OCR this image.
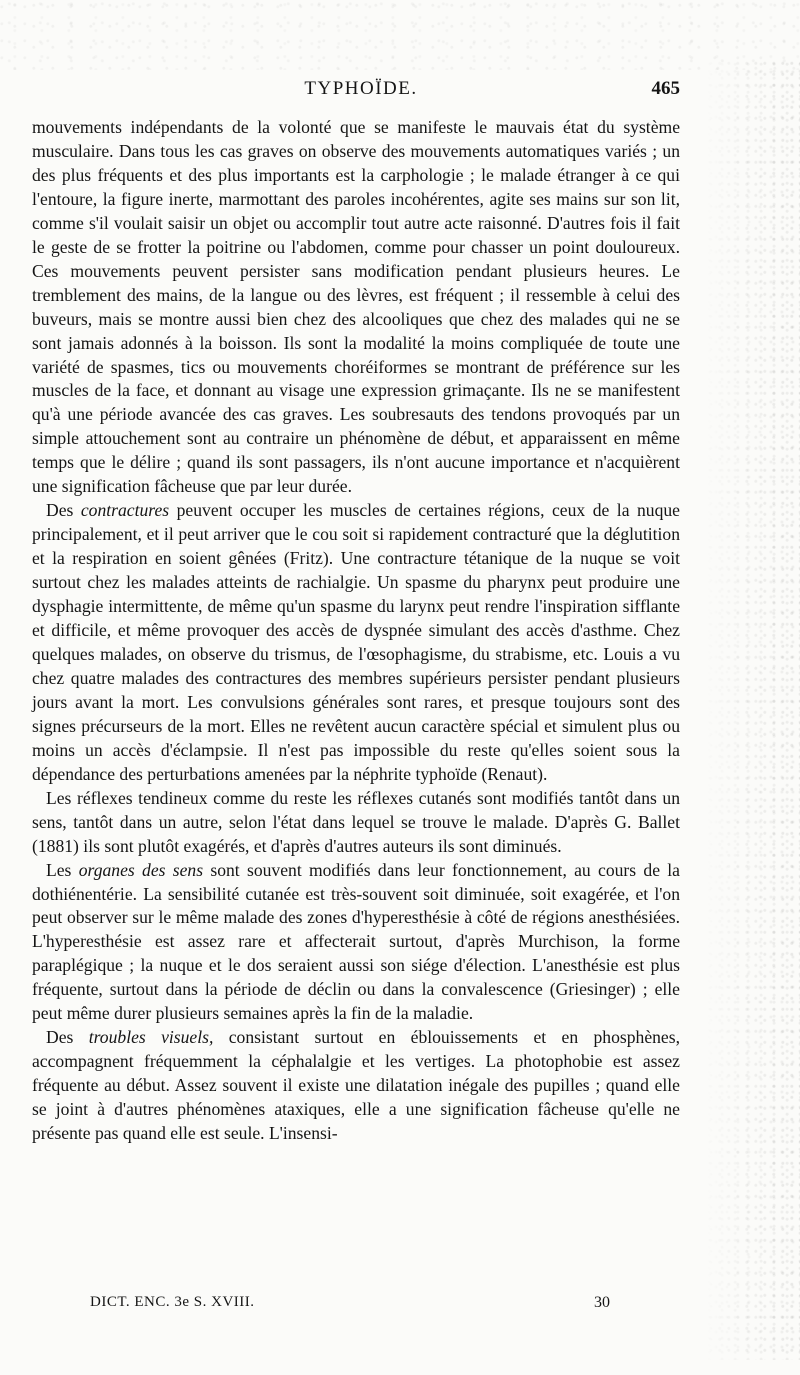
TYPHOÏDE.	465

mouvements indépendants de la volonté que se manifeste le mauvais état du système musculaire. Dans tous les cas graves on observe des mouvements automatiques variés ; un des plus fréquents et des plus importants est la carphologie ; le malade étranger à ce qui l'entoure, la figure inerte, marmottant des paroles incohérentes, agite ses mains sur son lit, comme s'il voulait saisir un objet ou accomplir tout autre acte raisonné. D'autres fois il fait le geste de se frotter la poitrine ou l'abdomen, comme pour chasser un point douloureux. Ces mouvements peuvent persister sans modification pendant plusieurs heures. Le tremblement des mains, de la langue ou des lèvres, est fréquent ; il ressemble à celui des buveurs, mais se montre aussi bien chez des alcooliques que chez des malades qui ne se sont jamais adonnés à la boisson. Ils sont la modalité la moins compliquée de toute une variété de spasmes, tics ou mouvements choréiformes se montrant de préférence sur les muscles de la face, et donnant au visage une expression grimaçante. Ils ne se manifestent qu'à une période avancée des cas graves. Les soubresauts des tendons provoqués par un simple attouchement sont au contraire un phénomène de début, et apparaissent en même temps que le délire ; quand ils sont passagers, ils n'ont aucune importance et n'acquièrent une signification fâcheuse que par leur durée.

Des contractures peuvent occuper les muscles de certaines régions, ceux de la nuque principalement, et il peut arriver que le cou soit si rapidement contracturé que la déglutition et la respiration en soient gênées (Fritz). Une contracture tétanique de la nuque se voit surtout chez les malades atteints de rachialgie. Un spasme du pharynx peut produire une dysphagie intermittente, de même qu'un spasme du larynx peut rendre l'inspiration sifflante et difficile, et même provoquer des accès de dyspnée simulant des accès d'asthme. Chez quelques malades, on observe du trismus, de l'œsophagisme, du strabisme, etc. Louis a vu chez quatre malades des contractures des membres supérieurs persister pendant plusieurs jours avant la mort. Les convulsions générales sont rares, et presque toujours sont des signes précurseurs de la mort. Elles ne revêtent aucun caractère spécial et simulent plus ou moins un accès d'éclampsie. Il n'est pas impossible du reste qu'elles soient sous la dépendance des perturbations amenées par la néphrite typhoïde (Renaut).

Les réflexes tendineux comme du reste les réflexes cutanés sont modifiés tantôt dans un sens, tantôt dans un autre, selon l'état dans lequel se trouve le malade. D'après G. Ballet (1881) ils sont plutôt exagérés, et d'après d'autres auteurs ils sont diminués.

Les organes des sens sont souvent modifiés dans leur fonctionnement, au cours de la dothiénentérie. La sensibilité cutanée est très-souvent soit diminuée, soit exagérée, et l'on peut observer sur le même malade des zones d'hyperesthésie à côté de régions anesthésiées. L'hyperesthésie est assez rare et affecterait surtout, d'après Murchison, la forme paraplégique ; la nuque et le dos seraient aussi son siége d'élection. L'anesthésie est plus fréquente, surtout dans la période de déclin ou dans la convalescence (Griesinger) ; elle peut même durer plusieurs semaines après la fin de la maladie.

Des troubles visuels, consistant surtout en éblouissements et en phosphènes, accompagnent fréquemment la céphalalgie et les vertiges. La photophobie est assez fréquente au début. Assez souvent il existe une dilatation inégale des pupilles ; quand elle se joint à d'autres phénomènes ataxiques, elle a une signification fâcheuse qu'elle ne présente pas quand elle est seule. L'insensi-

DICT. ENC. 3e S. XVIII.	30
